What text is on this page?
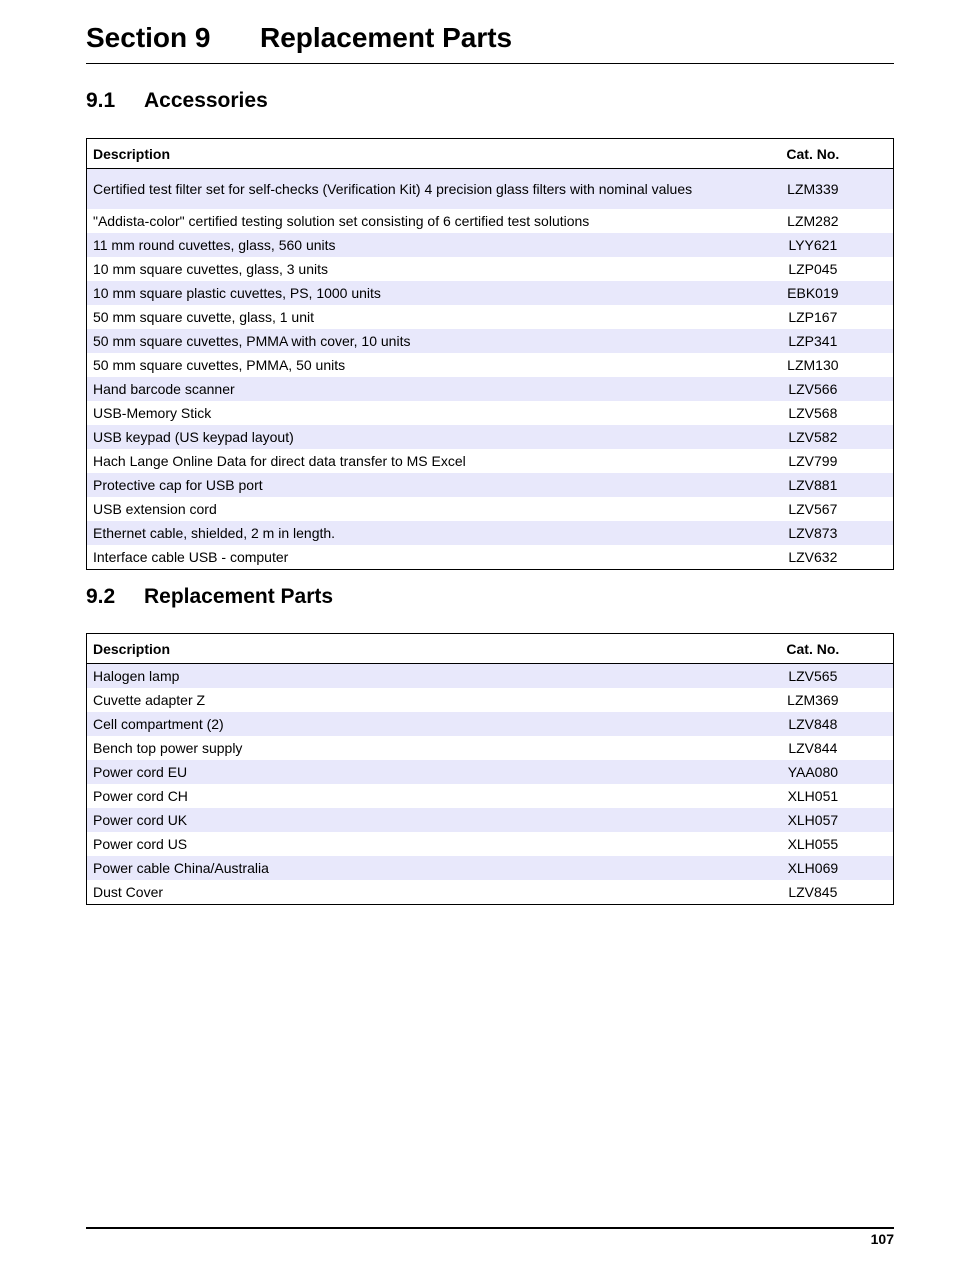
Section 9 Replacement Parts
9.1 Accessories
Description	Cat. No.
Certified test filter set for self-checks (Verification Kit) 4 precision glass filters with nominal values	LZM339
"Addista-color" certified testing solution set consisting of 6 certified test solutions	LZM282
11 mm round cuvettes, glass, 560 units	LYY621
10 mm square cuvettes, glass, 3 units	LZP045
10 mm square plastic cuvettes, PS, 1000 units	EBK019
50 mm square cuvette, glass, 1 unit	LZP167
50 mm square cuvettes, PMMA with cover, 10 units	LZP341
50 mm square cuvettes, PMMA, 50 units	LZM130
Hand barcode scanner	LZV566
USB-Memory Stick	LZV568
USB keypad (US keypad layout)	LZV582
Hach Lange Online Data for direct data transfer to MS Excel	LZV799
Protective cap for USB port	LZV881
USB extension cord	LZV567
Ethernet cable, shielded, 2 m in length.	LZV873
Interface cable USB - computer	LZV632
9.2 Replacement Parts
Description	Cat. No.
Halogen lamp	LZV565
Cuvette adapter Z	LZM369
Cell compartment (2)	LZV848
Bench top power supply	LZV844
Power cord EU	YAA080
Power cord CH	XLH051
Power cord UK	XLH057
Power cord US	XLH055
Power cable China/Australia	XLH069
Dust Cover	LZV845
107
